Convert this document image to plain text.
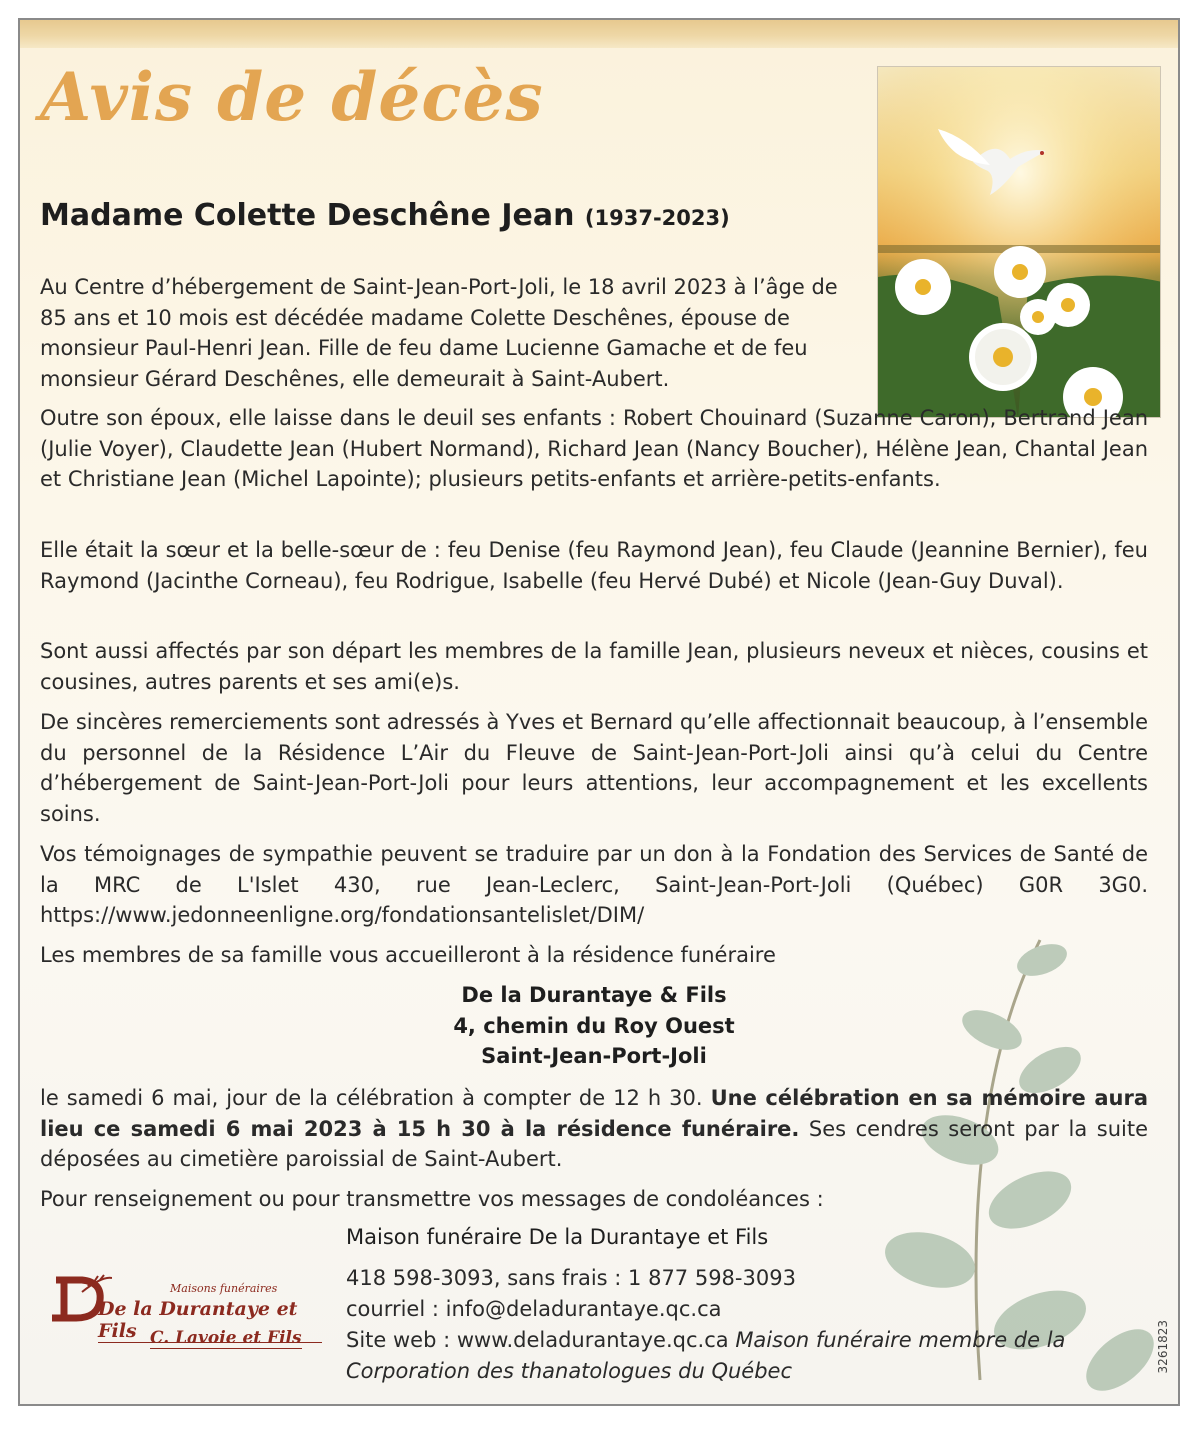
Avis de décès
Madame Colette Deschêne Jean (1937-2023)

Au Centre d’hébergement de Saint-Jean-Port-Joli, le 18 avril 2023 à l’âge de 85 ans et 10 mois est décédée madame Colette Deschênes, épouse de monsieur Paul-Henri Jean. Fille de feu dame Lucienne Gamache et de feu monsieur Gérard Deschênes, elle demeurait à Saint-Aubert.

Outre son époux, elle laisse dans le deuil ses enfants : Robert Chouinard (Suzanne Caron), Bertrand Jean (Julie Voyer), Claudette Jean (Hubert Normand), Richard Jean (Nancy Boucher), Hélène Jean, Chantal Jean et Christiane Jean (Michel Lapointe); plusieurs petits-enfants et arrière-petits-enfants.

Elle était la sœur et la belle-sœur de : feu Denise (feu Raymond Jean), feu Claude (Jeannine Bernier), feu Raymond (Jacinthe Corneau), feu Rodrigue, Isabelle (feu Hervé Dubé) et Nicole (Jean-Guy Duval).

Sont aussi affectés par son départ les membres de la famille Jean, plusieurs neveux et nièces, cousins et cousines, autres parents et ses ami(e)s.

De sincères remerciements sont adressés à Yves et Bernard qu’elle affectionnait beaucoup, à l’ensemble du personnel de la Résidence L’Air du Fleuve de Saint-Jean-Port-Joli ainsi qu’à celui du Centre d’hébergement de Saint-Jean-Port-Joli pour leurs attentions, leur accompagnement et les excellents soins.

Vos témoignages de sympathie peuvent se traduire par un don à la Fondation des Services de Santé de la MRC de L'Islet 430, rue Jean-Leclerc, Saint-Jean-Port-Joli (Québec) G0R 3G0. https://www.jedonneenligne.org/fondationsantelislet/DIM/

Les membres de sa famille vous accueilleront à la résidence funéraire

De la Durantaye & Fils
4, chemin du Roy Ouest
Saint-Jean-Port-Joli

le samedi 6 mai, jour de la célébration à compter de 12 h 30. Une célébration en sa mémoire aura lieu ce samedi 6 mai 2023 à 15 h 30 à la résidence funéraire. Ses cendres seront par la suite déposées au cimetière paroissial de Saint-Aubert.

Pour renseignement ou pour transmettre vos messages de condoléances :

Maison funéraire De la Durantaye et Fils
418 598-3093, sans frais : 1 877 598-3093
courriel : info@deladurantaye.qc.ca
Site web : www.deladurantaye.qc.ca Maison funéraire membre de la Corporation des thanatologues du Québec
Maisons funéraires
De la Durantaye et Fils C. Lavoie et Fils	3261823
